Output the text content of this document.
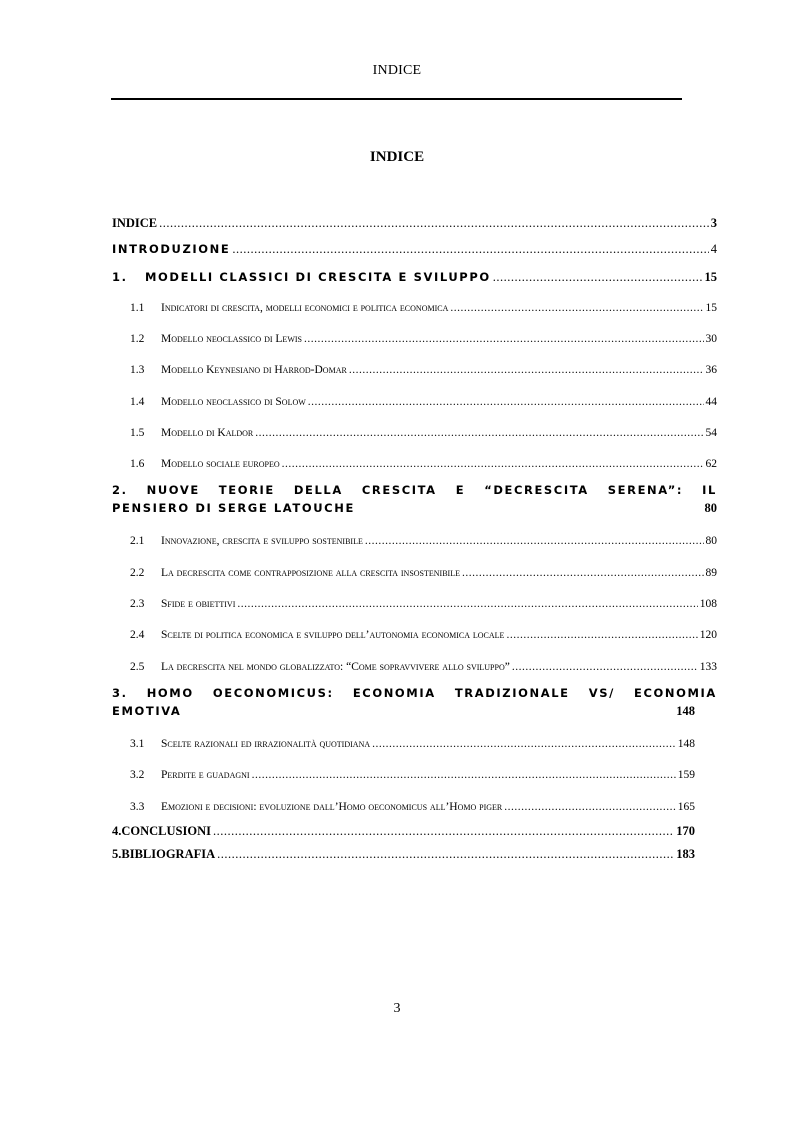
INDICE
INDICE
INDICE .....	3
INTRODUZIONE .....	4
1.	MODELLI CLASSICI DI CRESCITA E SVILUPPO .....	15
1.1	Indicatori di crescita, modelli economici e politica economica .....	15
1.2	Modello neoclassico di Lewis .....	30
1.3	Modello Keynesiano di Harrod-Domar .....	36
1.4	Modello neoclassico di Solow .....	44
1.5	Modello di Kaldor .....	54
1.6	Modello sociale europeo .....	62
2. NUOVE TEORIE DELLA CRESCITA E “DECRESCITA SERENA”: IL
PENSIERO DI SERGE LATOUCHE	80
2.1	Innovazione, crescita e sviluppo sostenibile .....	80
2.2	La decrescita come contrapposizione alla crescita insostenibile .....	89
2.3	Sfide e obiettivi .....	108
2.4	Scelte di politica economica e sviluppo dell’autonomia economica locale .....	120
2.5	La decrescita nel mondo globalizzato: “Come sopravvivere allo sviluppo” .....	133
3. HOMO OECONOMICUS: ECONOMIA TRADIZIONALE VS/ ECONOMIA
EMOTIVA	148
3.1	Scelte razionali ed irrazionalità quotidiana .....	148
3.2	Perdite e guadagni .....	159
3.3	Emozioni e decisioni: evoluzione dall’Homo oeconomicus all’Homo piger .....	165
4. CONCLUSIONI .....	170
5. BIBLIOGRAFIA .....	183
3
